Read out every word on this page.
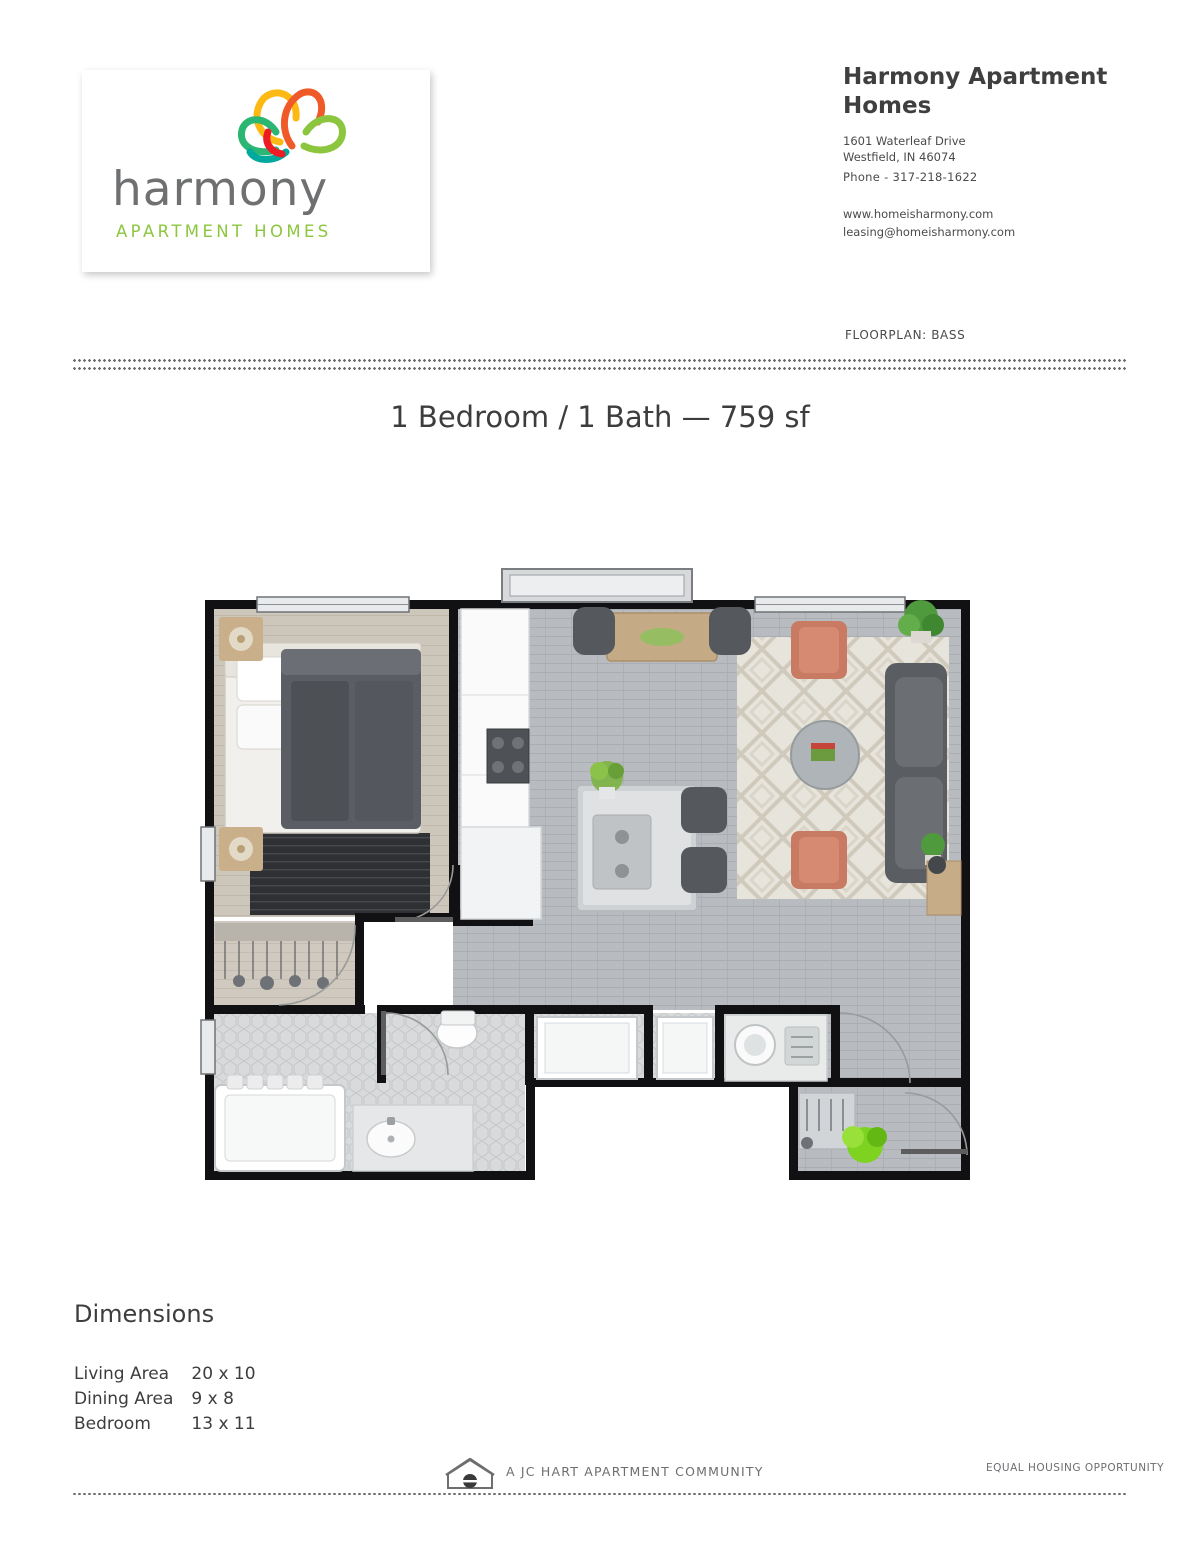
harmony
APARTMENT HOMES
Harmony Apartment Homes
1601 Waterleaf Drive
Westfield, IN 46074
Phone - 317-218-1622
www.homeisharmony.com
leasing@homeisharmony.com
FLOORPLAN: BASS
1 Bedroom / 1 Bath — 759 sf
Dimensions
Living Area	20 x 10
Dining Area	9 x 8
Bedroom	13 x 11
A JC HART APARTMENT COMMUNITY	EQUAL HOUSING OPPORTUNITY
